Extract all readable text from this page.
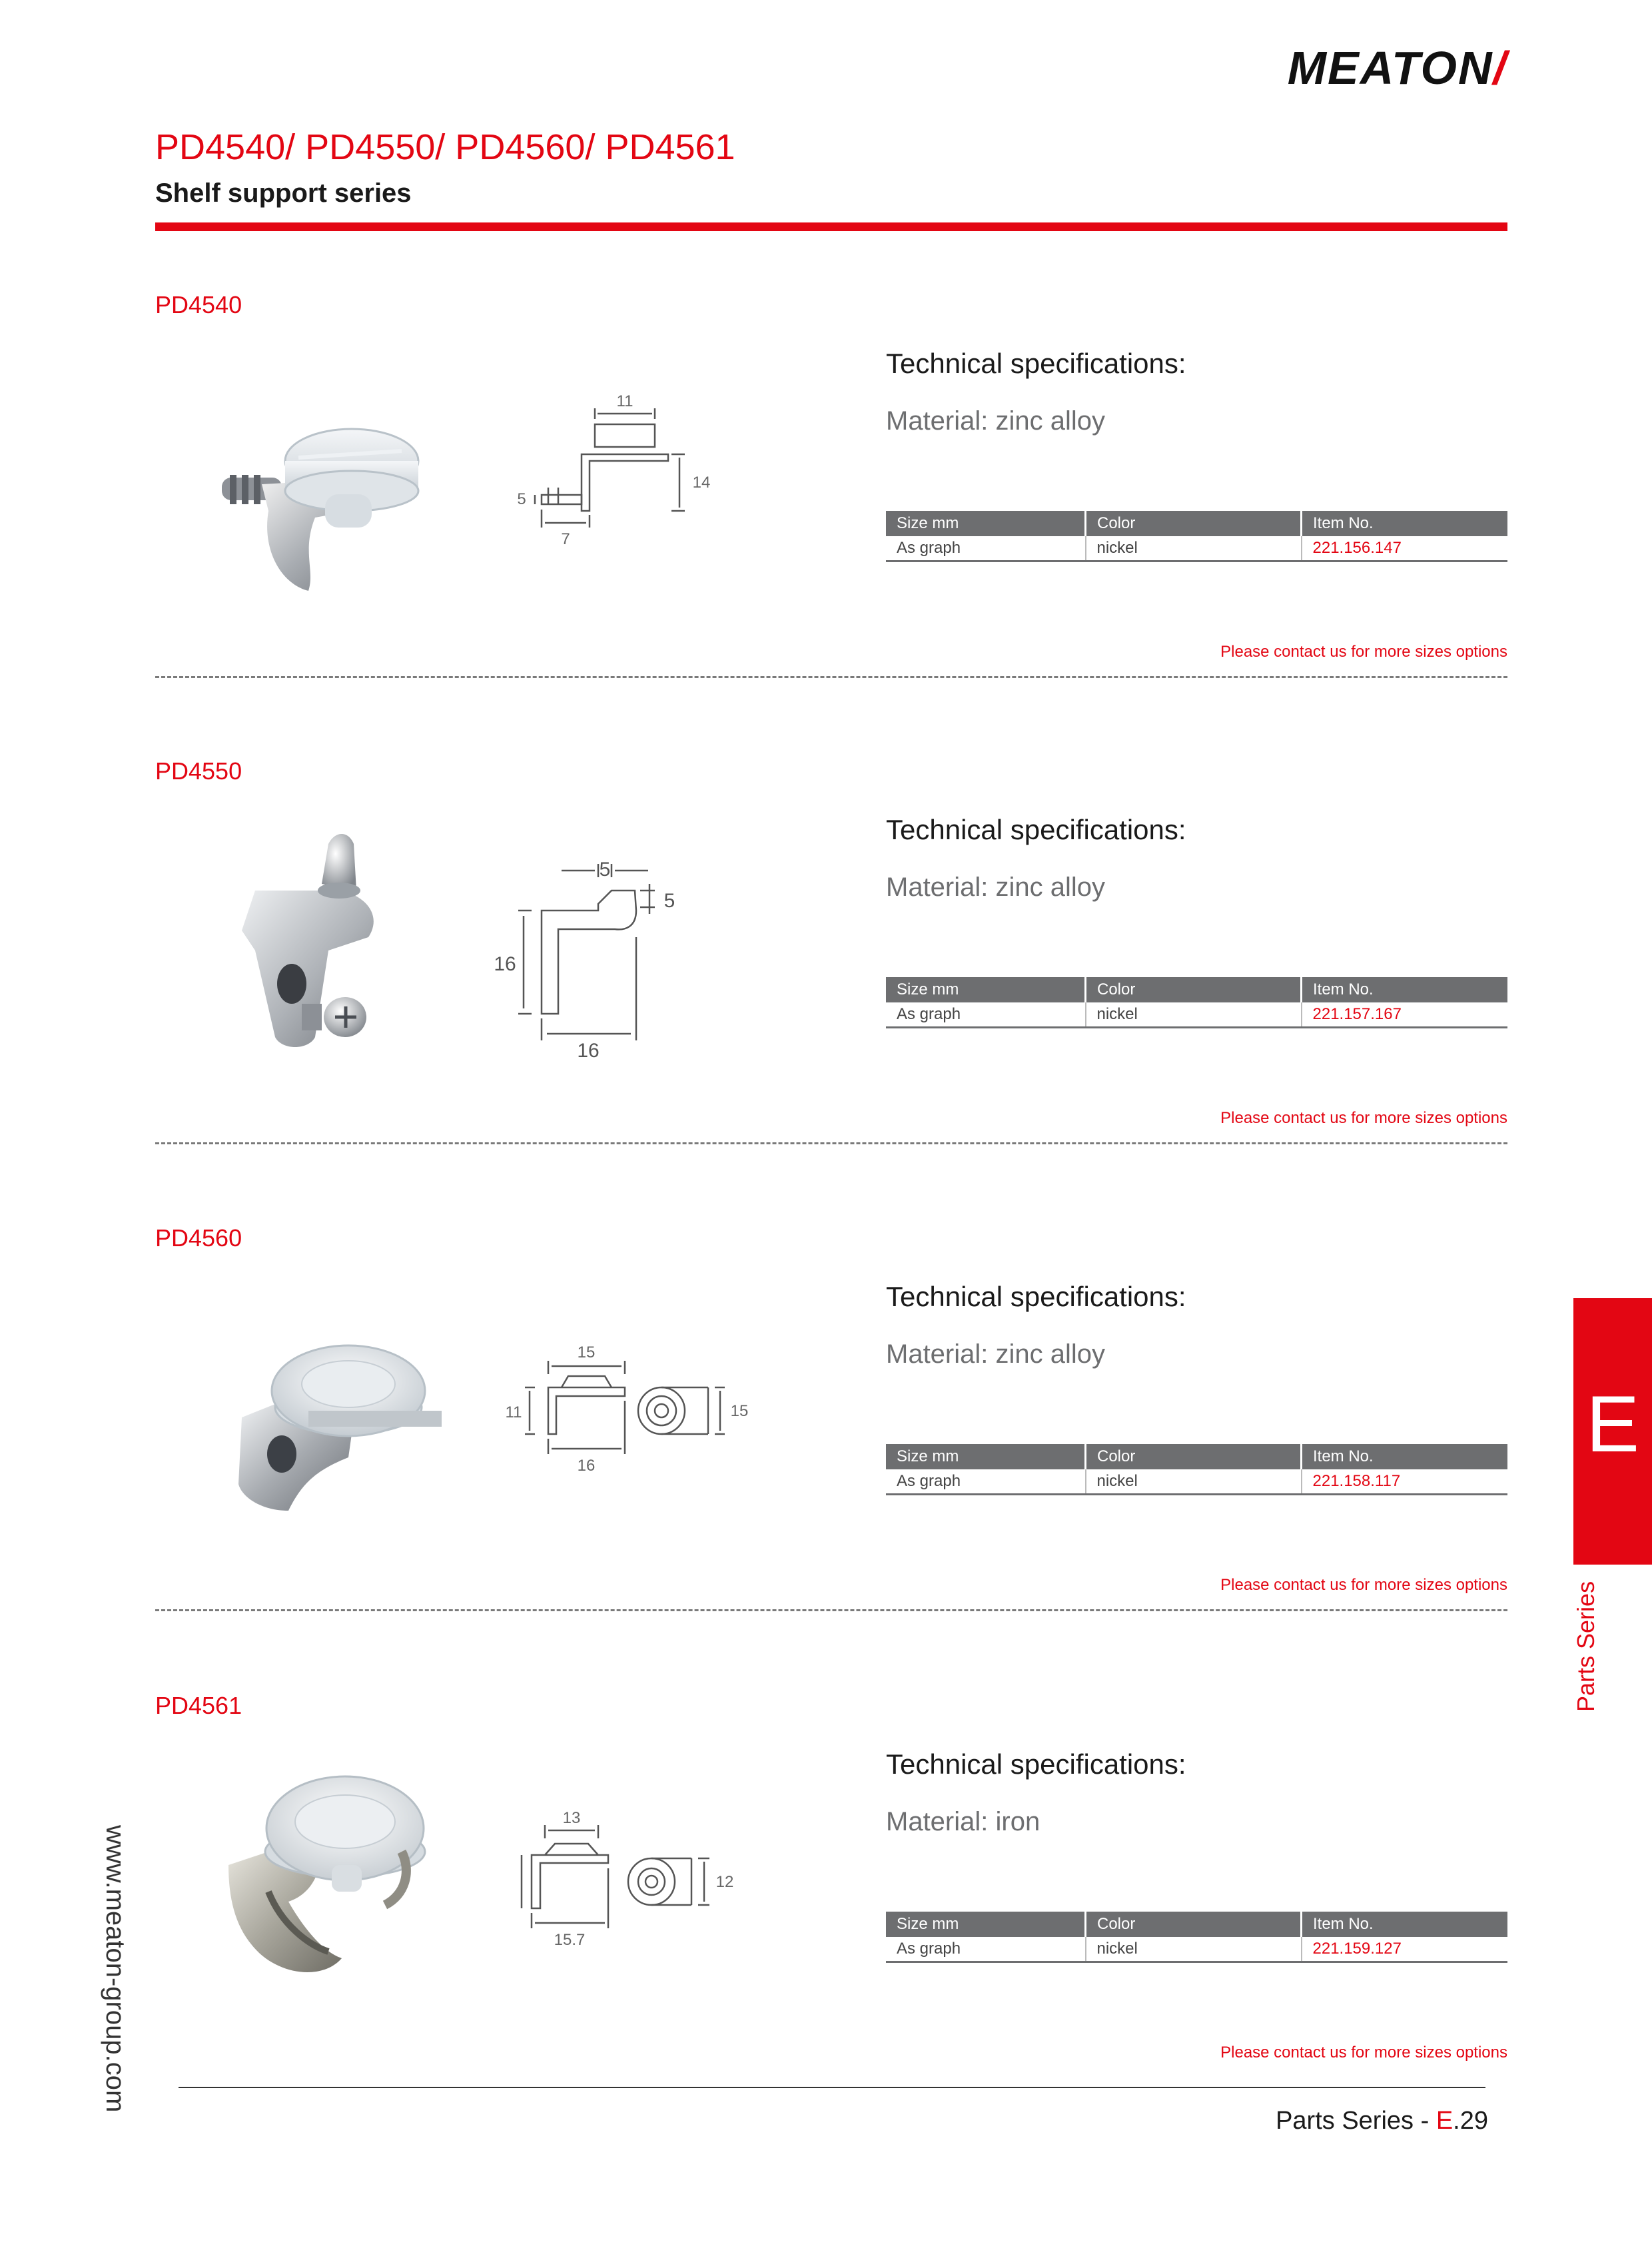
MEATON/
PD4540/ PD4550/ PD4560/ PD4561
Shelf support series
PD4540
11
5
14
7
Technical specifications:
Material: zinc alloy
Size mm	Color	Item No.
As graph	nickel	221.156.147
Please contact us for more sizes options
PD4550
5
5
16
16
Technical specifications:
Material: zinc alloy
Size mm	Color	Item No.
As graph	nickel	221.157.167
Please contact us for more sizes options
PD4560
15
11
16
15
Technical specifications:
Material: zinc alloy
Size mm	Color	Item No.
As graph	nickel	221.158.117
Please contact us for more sizes options
PD4561
13
15.7
12
Technical specifications:
Material: iron
Size mm	Color	Item No.
As graph	nickel	221.159.127
Please contact us for more sizes options
E
Parts Series
www.meaton-group.com
Parts Series - E.29
